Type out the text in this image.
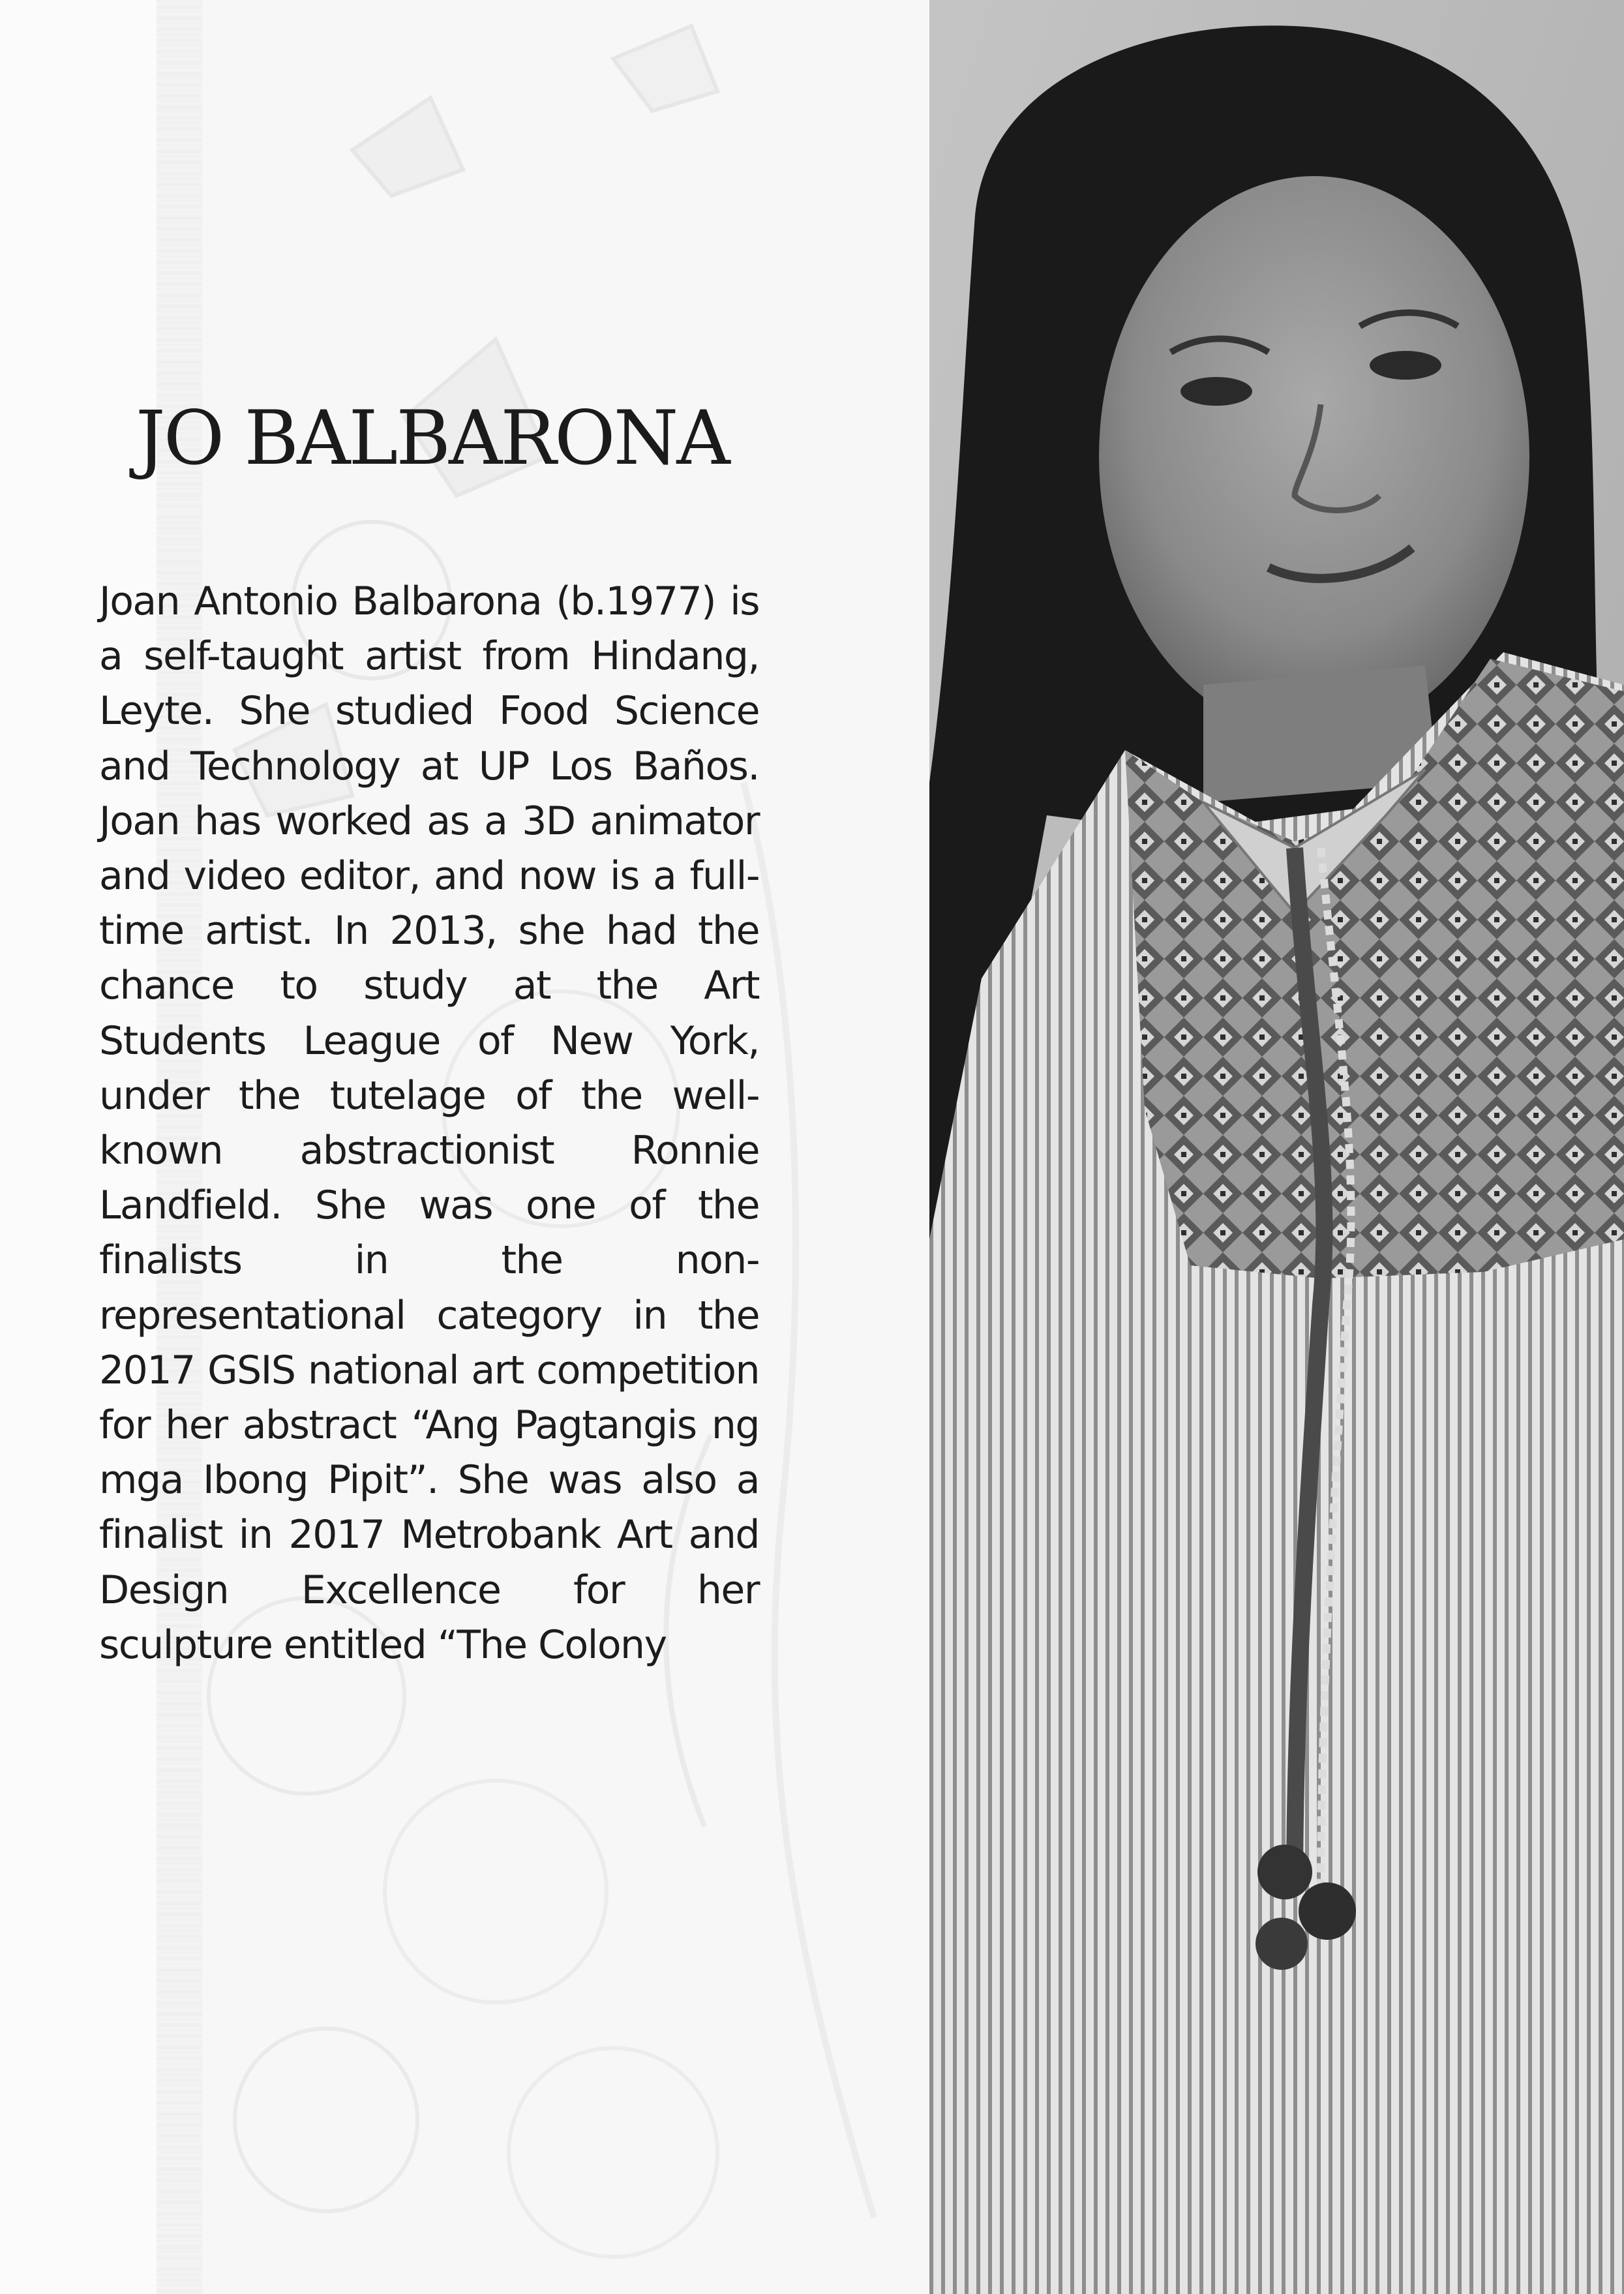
JO BALBARONA

Joan Antonio Balbarona (b.1977) is a self-taught artist from Hindang, Leyte. She studied Food Science and Technology at UP Los Baños. Joan has worked as a 3D animator and video editor, and now is a full-time artist. In 2013, she had the chance to study at the Art Students League of New York, under the tutelage of the well-known abstractionist Ronnie Landfield. She was one of the finalists in the non-representational category in the 2017 GSIS national art competition for her abstract “Ang Pagtangis ng mga Ibong Pipit”. She was also a finalist in 2017 Metrobank Art and Design Excellence for her sculpture entitled “The Colony
